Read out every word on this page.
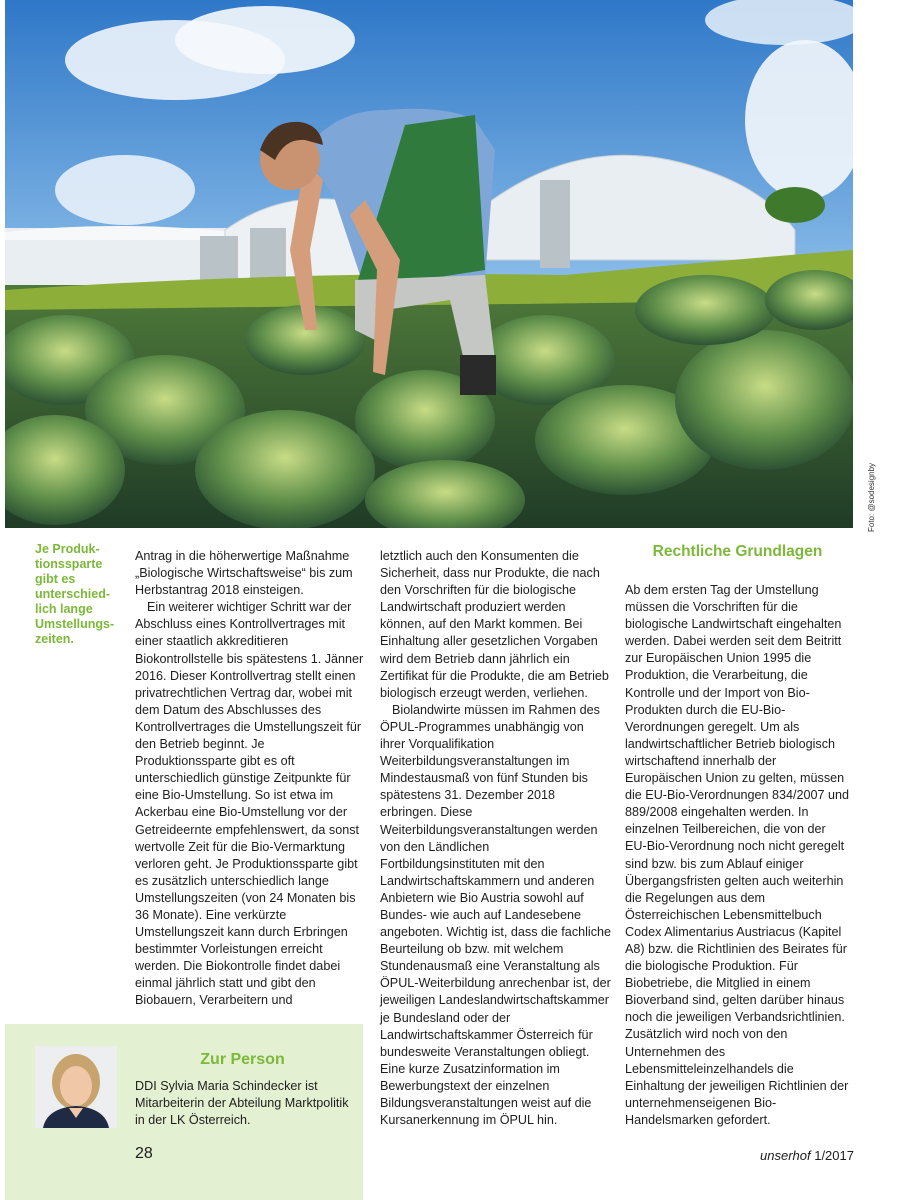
Foto: @sodesignby
Je Produk-tionssparte gibt es unterschied-lich lange Umstellungs-zeiten.

Antrag in die höherwertige Maßnahme „Biologische Wirtschaftsweise“ bis zum Herbstantrag 2018 einsteigen.

Ein weiterer wichtiger Schritt war der Abschluss eines Kontrollvertrages mit einer staatlich akkreditieren Biokontrollstelle bis spätestens 1. Jänner 2016. Dieser Kontrollvertrag stellt einen privatrechtlichen Vertrag dar, wobei mit dem Datum des Abschlusses des Kontrollvertrages die Umstellungszeit für den Betrieb beginnt. Je Produktionssparte gibt es oft unterschiedlich günstige Zeitpunkte für eine Bio-Umstellung. So ist etwa im Ackerbau eine Bio-Umstellung vor der Getreideernte empfehlenswert, da sonst wertvolle Zeit für die Bio-Vermarktung verloren geht. Je Produktionssparte gibt es zusätzlich unterschiedlich lange Umstellungszeiten (von 24 Monaten bis 36 Monate). Eine verkürzte Umstellungszeit kann durch Erbringen bestimmter Vorleistungen erreicht werden. Die Biokontrolle findet dabei einmal jährlich statt und gibt den Biobauern, Verarbeitern und

letztlich auch den Konsumenten die Sicherheit, dass nur Produkte, die nach den Vorschriften für die biologische Landwirtschaft produziert werden können, auf den Markt kommen. Bei Einhaltung aller gesetzlichen Vorgaben wird dem Betrieb dann jährlich ein Zertifikat für die Produkte, die am Betrieb biologisch erzeugt werden, verliehen.

Biolandwirte müssen im Rahmen des ÖPUL-Programmes unabhängig von ihrer Vorqualifikation Weiterbildungsveranstaltungen im Mindestausmaß von fünf Stunden bis spätestens 31. Dezember 2018 erbringen. Diese Weiterbildungsveranstaltungen werden von den Ländlichen Fortbildungsinstituten mit den Landwirtschaftskammern und anderen Anbietern wie Bio Austria sowohl auf Bundes- wie auch auf Landesebene angeboten. Wichtig ist, dass die fachliche Beurteilung ob bzw. mit welchem Stundenausmaß eine Veranstaltung als ÖPUL-Weiterbildung anrechenbar ist, der jeweiligen Landeslandwirtschaftskammer je Bundesland oder der Landwirtschaftskammer Österreich für bundesweite Veranstaltungen obliegt. Eine kurze Zusatzinformation im Bewerbungstext der einzelnen Bildungsveranstaltungen weist auf die Kursanerkennung im ÖPUL hin.

Rechtliche Grundlagen

Ab dem ersten Tag der Umstellung müssen die Vorschriften für die biologische Landwirtschaft eingehalten werden. Dabei werden seit dem Beitritt zur Europäischen Union 1995 die Produktion, die Verarbeitung, die Kontrolle und der Import von Bio-Produkten durch die EU-Bio-Verordnungen geregelt. Um als landwirtschaftlicher Betrieb biologisch wirtschaftend innerhalb der Europäischen Union zu gelten, müssen die EU-Bio-Verordnungen 834/2007 und 889/2008 eingehalten werden. In einzelnen Teilbereichen, die von der EU-Bio-Verordnung noch nicht geregelt sind bzw. bis zum Ablauf einiger Übergangsfristen gelten auch weiterhin die Regelungen aus dem Österreichischen Lebensmittelbuch Codex Alimentarius Austriacus (Kapitel A8) bzw. die Richtlinien des Beirates für die biologische Produktion. Für Biobetriebe, die Mitglied in einem Bioverband sind, gelten darüber hinaus noch die jeweiligen Verbandsrichtlinien. Zusätzlich wird noch von den Unternehmen des Lebensmitteleinzelhandels die Einhaltung der jeweiligen Richtlinien der unternehmenseigenen Bio-Handelsmarken gefordert.

Zur Person
DDI Sylvia Maria Schindecker ist Mitarbeiterin der Abteilung Marktpolitik in der LK Österreich.
28	unserhof 1/2017
